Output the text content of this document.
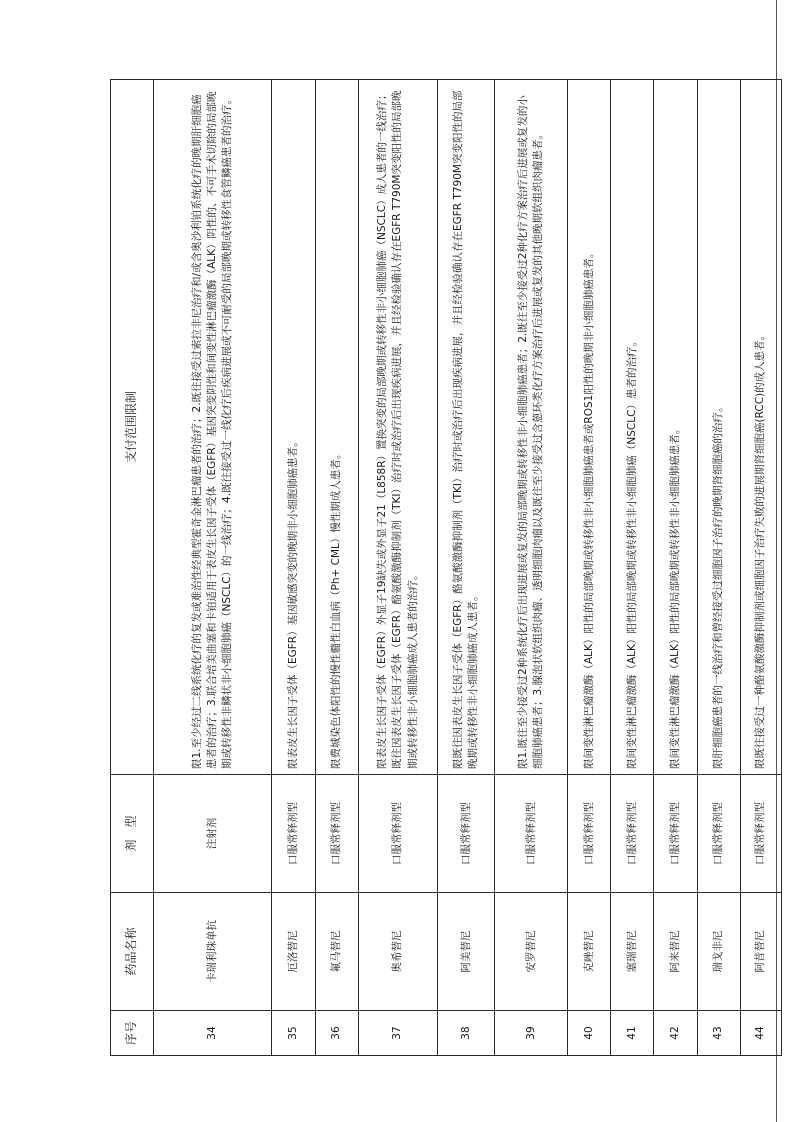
序号	药品名称	剂　型	支付范围限制
34	卡瑞利珠单抗	注射剂	限1.至少经过二线系统化疗的复发或难治性经典型霍奇金淋巴瘤患者的治疗；2.既往接受过索拉非尼治疗和/或含奥沙利铂系统化疗的晚期肝细胞癌患者的治疗；3.联合培美曲塞和卡铂适用于表皮生长因子受体（EGFR）基因突变阴性和间变性淋巴瘤激酶（ALK）阴性的、不可手术切除的局部晚期或转移性非鳞状非小细胞肺癌（NSCLC）的一线治疗；4.既往接受过一线化疗后疾病进展或不可耐受的局部晚期或转移性食管鳞癌患者的治疗。
35	厄洛替尼	口服常释剂型	限表皮生长因子受体（EGFR）基因敏感突变的晚期非小细胞肺癌患者。
36	氟马替尼	口服常释剂型	限费城染色体阳性的慢性髓性白血病（Ph+ CML）慢性期成人患者。
37	奥希替尼	口服常释剂型	限表皮生长因子受体（EGFR）外显子19缺失或外显子21（L858R）置换突变的局部晚期或转移性非小细胞肺癌（NSCLC）成人患者的一线治疗；既往因表皮生长因子受体（EGFR）酪氨酸激酶抑制剂（TKI）治疗时或治疗后出现疾病进展，并且经检验确认存在EGFR T790M突变阳性的局部晚期或转移性非小细胞肺癌成人患者的治疗。
38	阿美替尼	口服常释剂型	限既往因表皮生长因子受体（EGFR）酪氨酸激酶抑制剂（TKI）治疗时或治疗后出现疾病进展，并且经检验确认存在EGFR T790M突变阳性的局部晚期或转移性非小细胞肺癌成人患者。
39	安罗替尼	口服常释剂型	限1.既往至少接受过2种系统化疗后出现进展或复发的局部晚期或转移性非小细胞肺癌患者；2.既往至少接受过2种化疗方案治疗后进展或复发的小细胞肺癌患者；3.腺泡状软组织肉瘤、透明细胞肉瘤以及既往至少接受过含蒽环类化疗方案治疗后进展或复发的其他晚期软组织肉瘤患者。
40	克唑替尼	口服常释剂型	限间变性淋巴瘤激酶（ALK）阳性的局部晚期或转移性非小细胞肺癌患者或ROS1阳性的晚期非小细胞肺癌患者。
41	塞瑞替尼	口服常释剂型	限间变性淋巴瘤激酶（ALK）阳性的局部晚期或转移性非小细胞肺癌（NSCLC）患者的治疗。
42	阿来替尼	口服常释剂型	限间变性淋巴瘤激酶（ALK）阳性的局部晚期或转移性非小细胞肺癌患者。
43	瑞戈非尼	口服常释剂型	限肝细胞癌患者的一线治疗和曾经接受过细胞因子治疗的晚期肾细胞癌的治疗。
44	阿昔替尼	口服常释剂型	限既往接受过一种酪氨酸激酶抑制剂或细胞因子治疗失败的进展期肾细胞癌(RCC)的成人患者。
